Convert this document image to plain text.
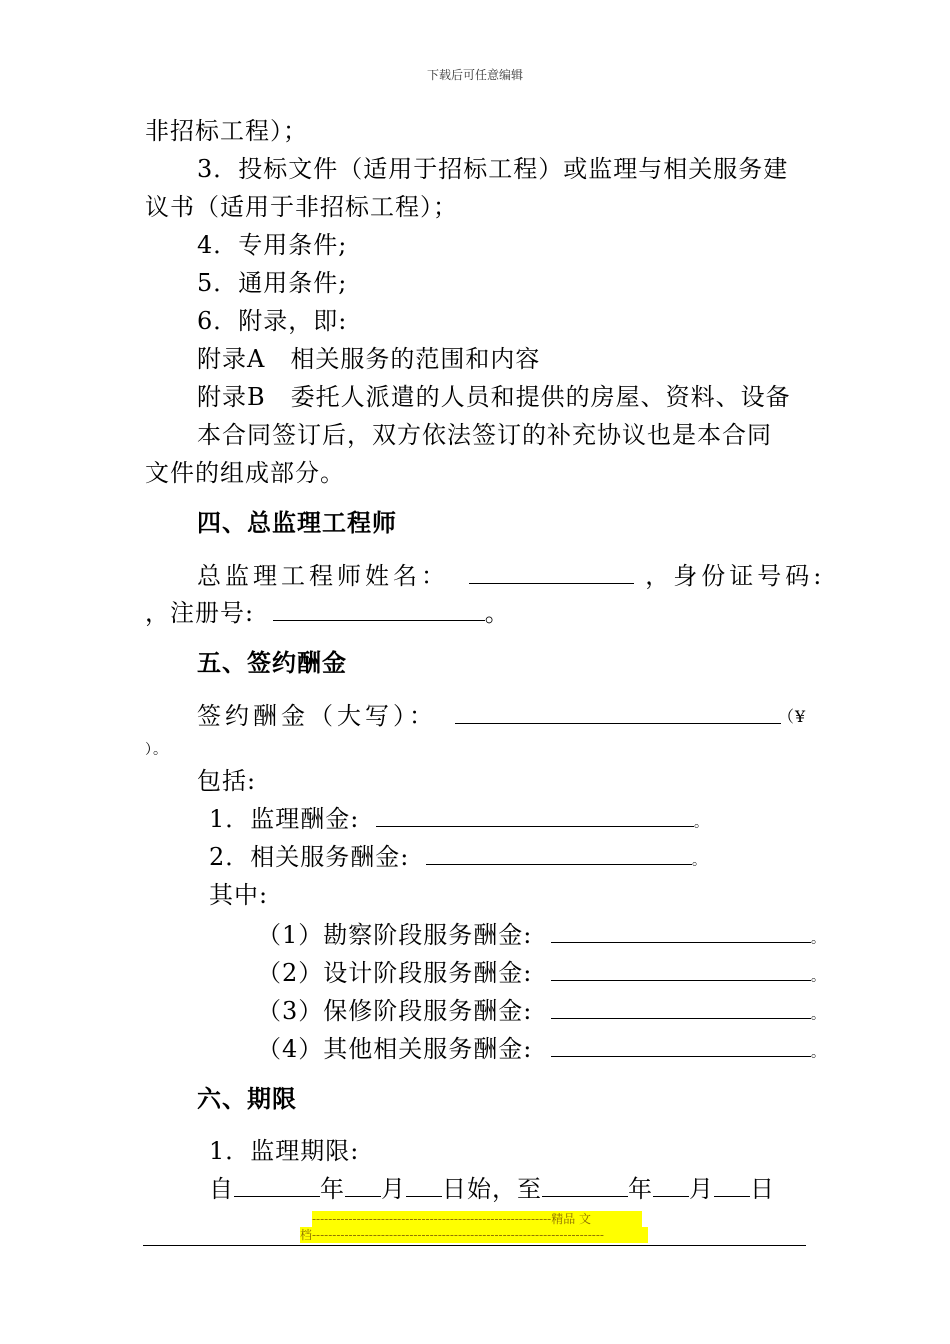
下载后可任意编辑
非招标工程）；
3．投标文件（适用于招标工程）或监理与相关服务建
议书（适用于非招标工程）；
4．专用条件;
5．通用条件;
6．附录，即:
附录A　相关服务的范围和内容
附录B　委托人派遣的人员和提供的房屋、资料、设备
本合同签订后，双方依法签订的补充协议也是本合同
文件的组成部分。
四、总监理工程师
总监理工程师姓名：	，身份证号码:
，注册号:	。
五、签约酬金
签约酬金（大写）：	（¥
）。
包括:
1．监理酬金:	。
2．相关服务酬金:	。
其中:
（1）勘察阶段服务酬金:	。
（2）设计阶段服务酬金:	。
（3）保修阶段服务酬金:	。
（4）其他相关服务酬金:	。
六、期限
1．监理期限:
自	年 月 日始，至	年 月 日
-----------------------------------------------------------精品 文
档------------------------------------------------------------------------
